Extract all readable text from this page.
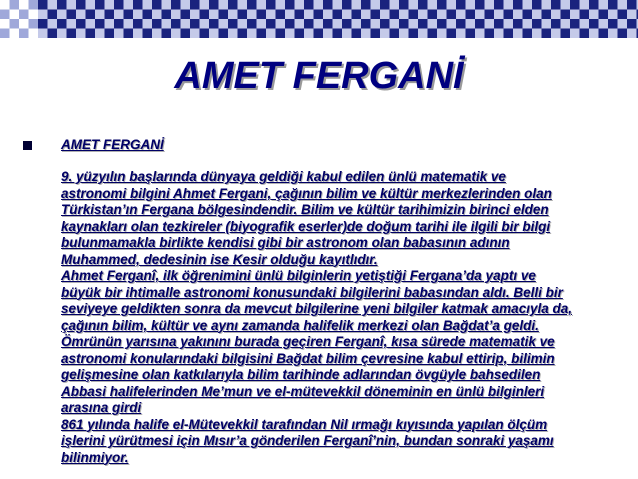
AMET FERGANİ
AMET FERGANİ
9. yüzyılın başlarında dünyaya geldiği kabul edilen ünlü matematik ve
astronomi bilgini Ahmet Fergani, çağının bilim ve kültür merkezlerinden olan
Türkistan’ın Fergana bölgesindendir. Bilim ve kültür tarihimizin birinci elden
kaynakları olan tezkireler (biyografik eserler)de doğum tarihi ile ilgili bir bilgi
bulunmamakla birlikte kendisi gibi bir astronom olan babasının adının
Muhammed, dedesinin ise Kesir olduğu kayıtlıdır.
Ahmet Ferganî, ilk öğrenimini ünlü bilginlerin yetiştiği Fergana’da yaptı ve
büyük bir ihtimalle astronomi konusundaki bilgilerini babasından aldı. Belli bir
seviyeye geldikten sonra da mevcut bilgilerine yeni bilgiler katmak amacıyla da,
çağının bilim, kültür ve aynı zamanda halifelik merkezi olan Bağdat’a geldi.
Ömrünün yarısına yakınını burada geçiren Ferganî, kısa sürede matematik ve
astronomi konularındaki bilgisini Bağdat bilim çevresine kabul ettirip, bilimin
gelişmesine olan katkılarıyla bilim tarihinde adlarından övgüyle bahsedilen
Abbasi halifelerinden Me’mun ve el-mütevekkil döneminin en ünlü bilginleri
arasına girdi
861 yılında halife el-Mütevekkil tarafından Nil ırmağı kıyısında yapılan ölçüm
işlerini yürütmesi için Mısır’a gönderilen Ferganî’nin, bundan sonraki yaşamı
bilinmiyor.
